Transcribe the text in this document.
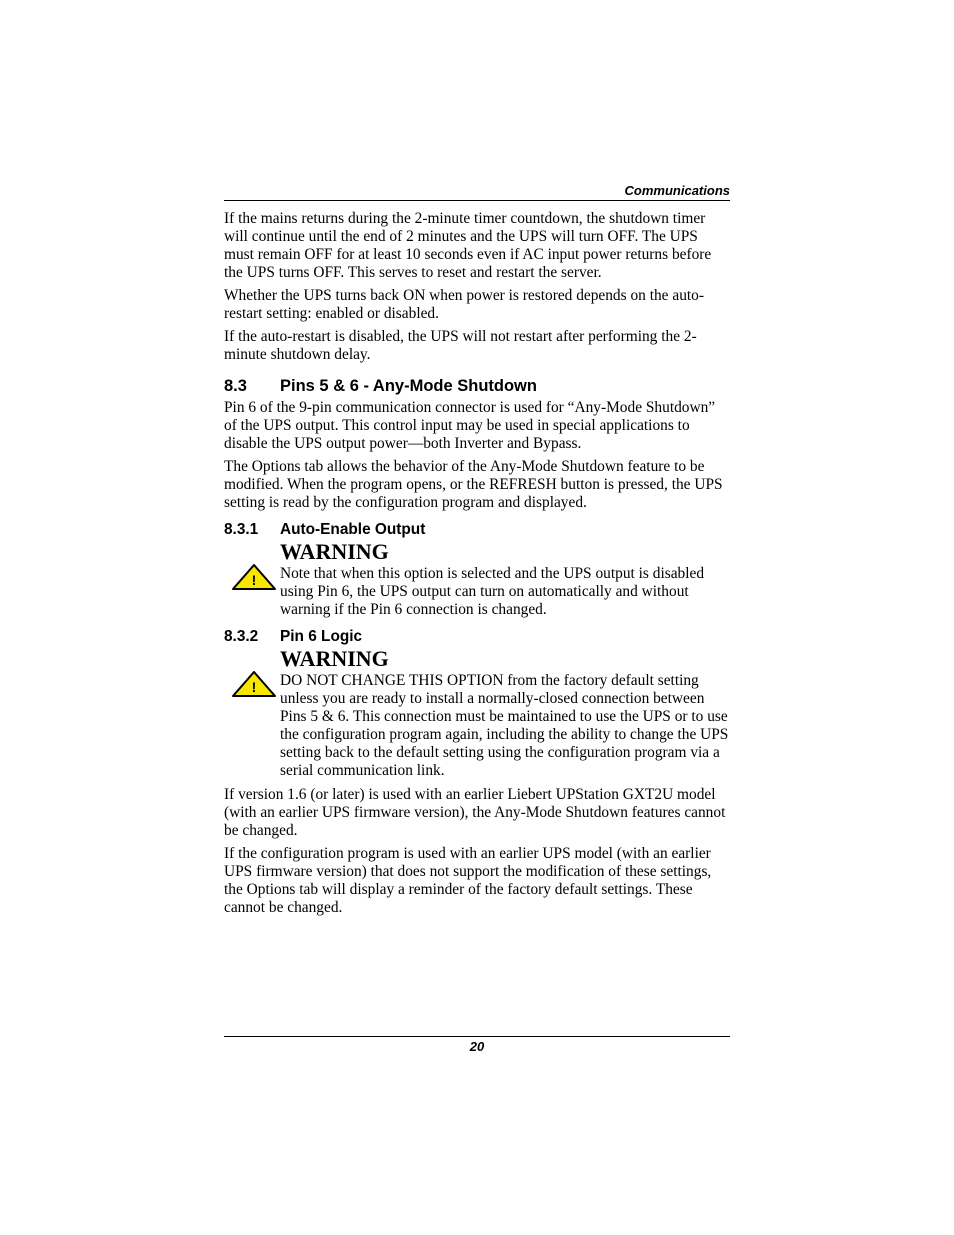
Communications

If the mains returns during the 2-minute timer countdown, the shutdown timer will continue until the end of 2 minutes and the UPS will turn OFF. The UPS must remain OFF for at least 10 seconds even if AC input power returns before the UPS turns OFF. This serves to reset and restart the server.

Whether the UPS turns back ON when power is restored depends on the auto-restart setting: enabled or disabled.

If the auto-restart is disabled, the UPS will not restart after performing the 2-minute shutdown delay.

8.3	Pins 5 & 6 - Any-Mode Shutdown

Pin 6 of the 9-pin communication connector is used for “Any-Mode Shutdown” of the UPS output. This control input may be used in special applications to disable the UPS output power—both Inverter and Bypass.

The Options tab allows the behavior of the Any-Mode Shutdown feature to be modified. When the program opens, or the REFRESH button is pressed, the UPS setting is read by the configuration program and displayed.

8.3.1	Auto-Enable Output
!
WARNING

Note that when this option is selected and the UPS output is disabled using Pin 6, the UPS output can turn on automatically and without warning if the Pin 6 connection is changed.

8.3.2	Pin 6 Logic
!
WARNING

DO NOT CHANGE THIS OPTION from the factory default setting unless you are ready to install a normally-closed connection between Pins 5 & 6. This connection must be maintained to use the UPS or to use the configuration program again, including the ability to change the UPS setting back to the default setting using the configuration program via a serial communication link.

If version 1.6 (or later) is used with an earlier Liebert UPStation GXT2U model (with an earlier UPS firmware version), the Any-Mode Shutdown features cannot be changed.

If the configuration program is used with an earlier UPS model (with an earlier UPS firmware version) that does not support the modification of these settings, the Options tab will display a reminder of the factory default settings. These cannot be changed.

20
